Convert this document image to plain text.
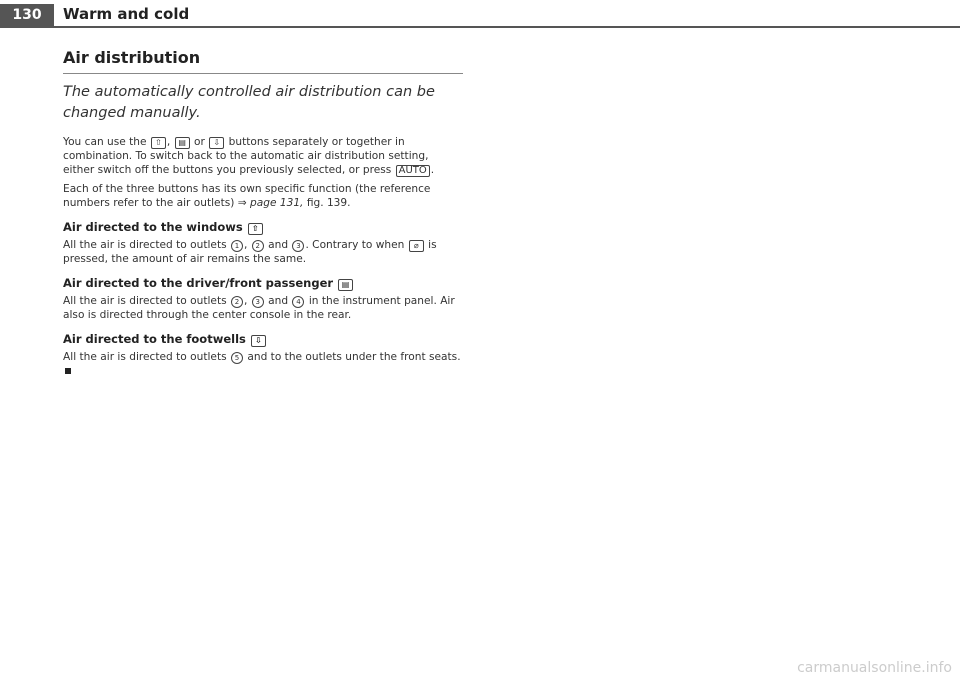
130	Warm and cold
Air distribution
The automatically controlled air distribution can be changed manually.

You can use the ⇧ , ▤ or ⇩ buttons separately or together in combination. To switch back to the automatic air distribution setting, either switch off the buttons you previously selected, or press AUTO .

Each of the three buttons has its own specific function (the reference numbers refer to the air outlets) ⇒ page 131, fig. 139.

Air directed to the windows ⇧

All the air is directed to outlets 1 , 2 and 3 . Contrary to when ⌀ is pressed, the amount of air remains the same.

Air directed to the driver/front passenger ▤

All the air is directed to outlets 2 , 3 and 4 in the instrument panel. Air also is directed through the center console in the rear.

Air directed to the footwells ⇩

All the air is directed to outlets 5 and to the outlets under the front seats.

carmanualsonline.info
